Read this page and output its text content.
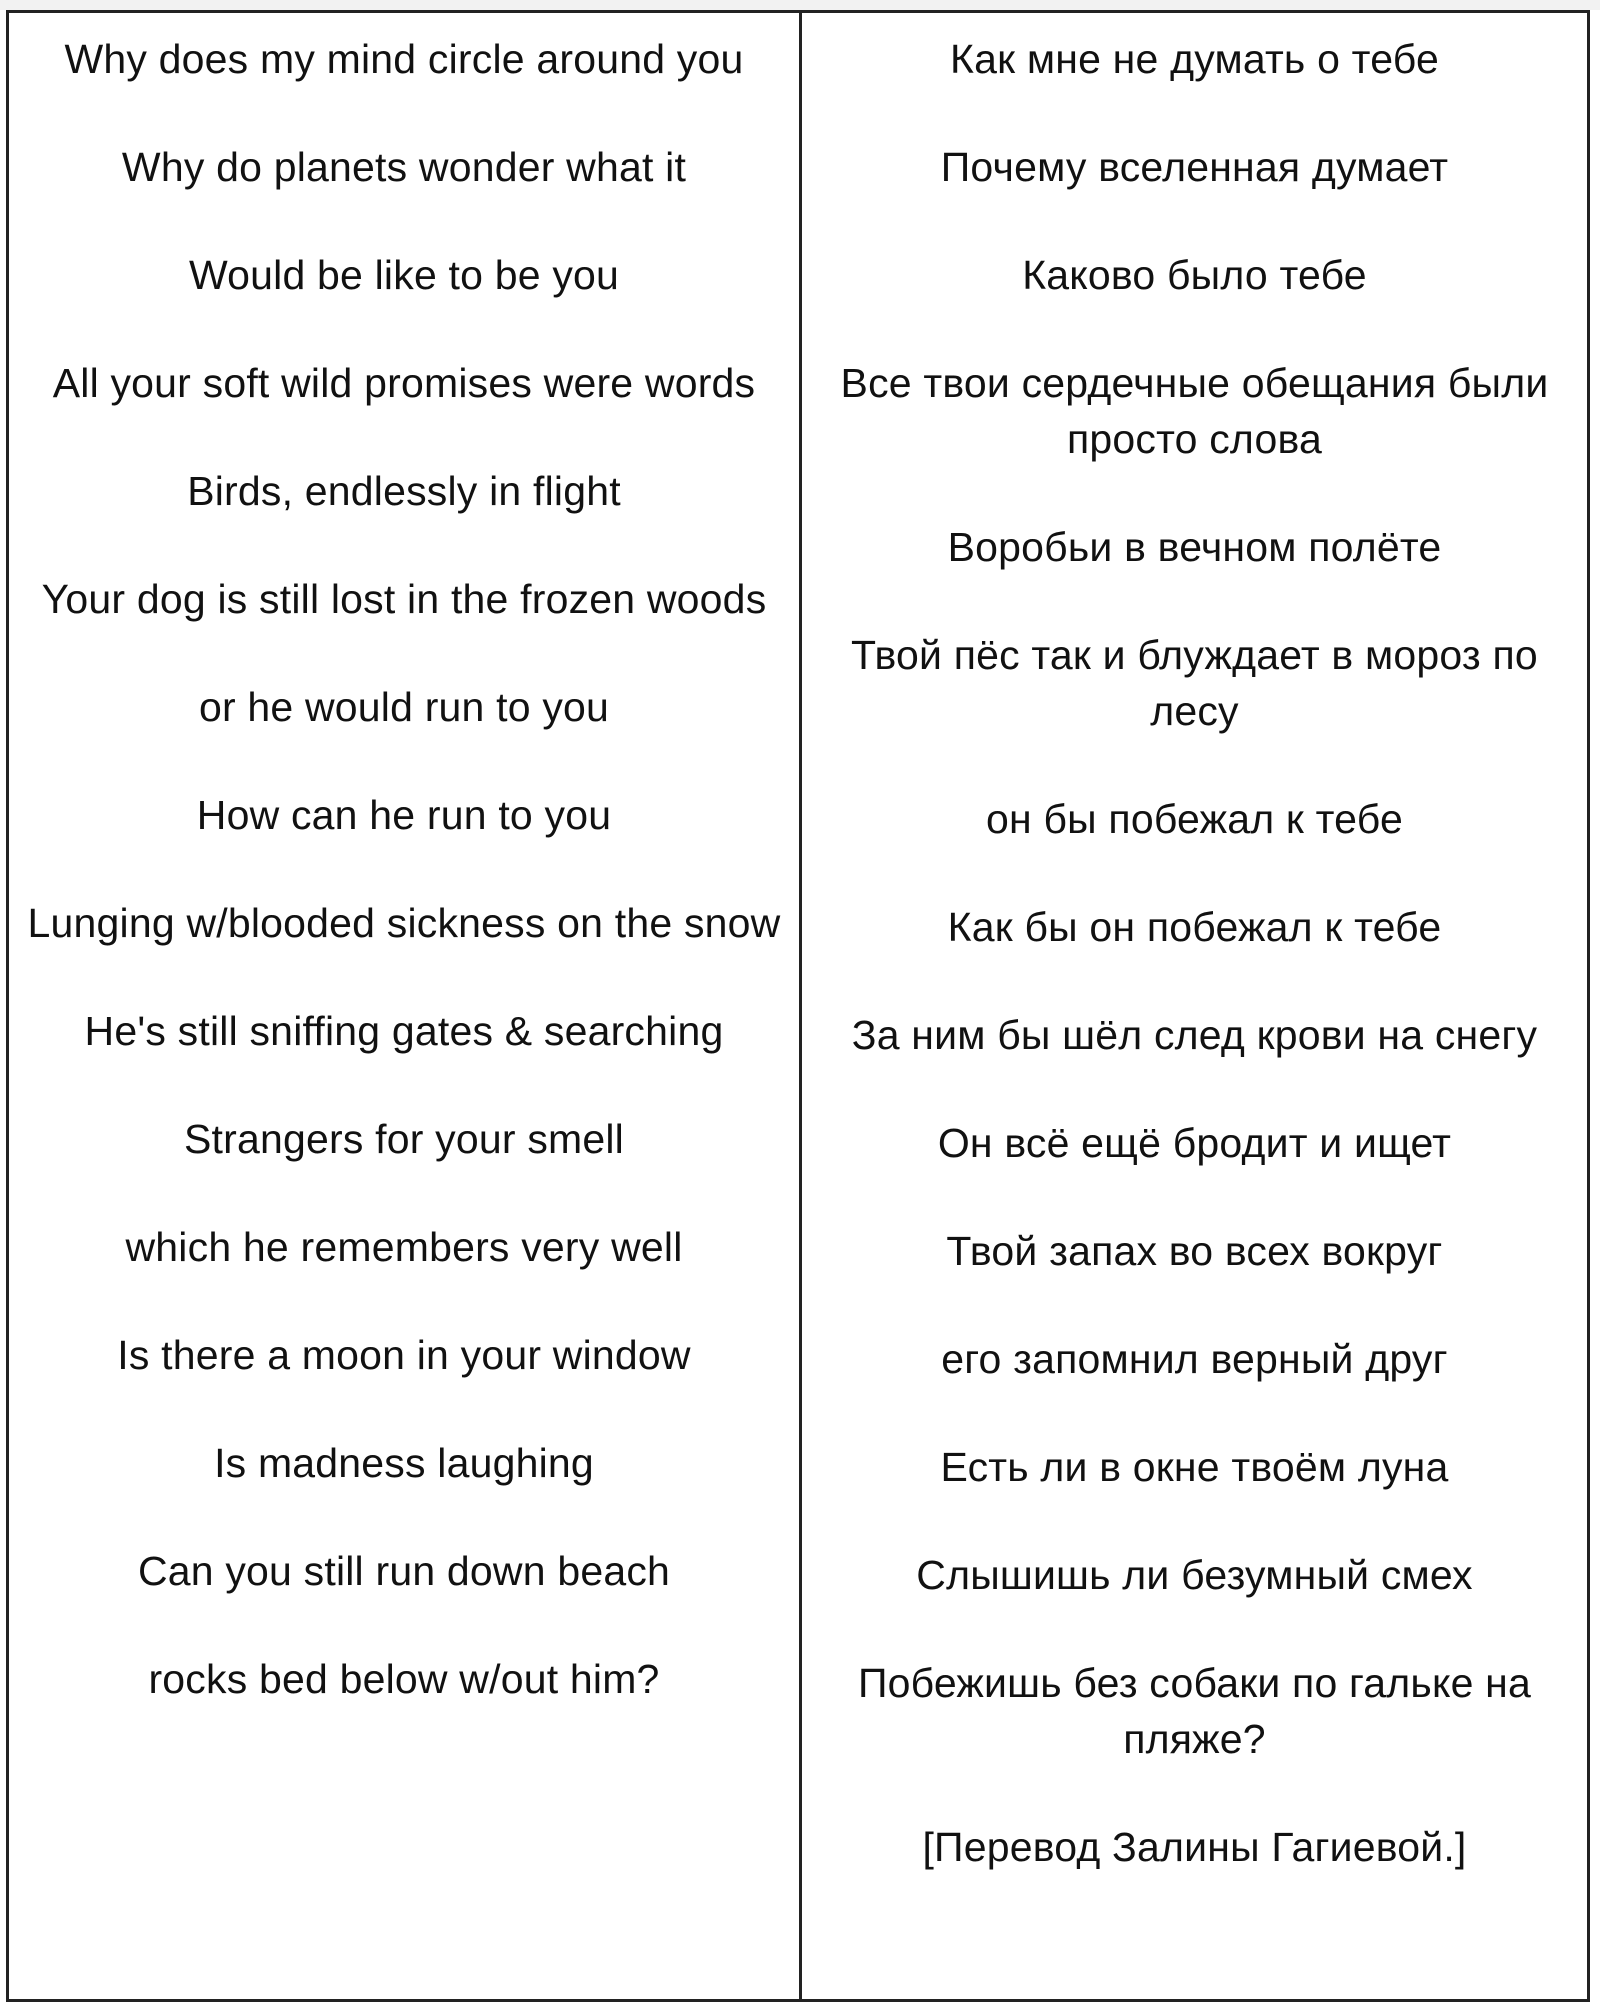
Why does my mind circle around you
Why do planets wonder what it
Would be like to be you
All your soft wild promises were words
Birds, endlessly in flight
Your dog is still lost in the frozen woods
or he would run to you
How can he run to you
Lunging w/blooded sickness on the snow
He's still sniffing gates & searching
Strangers for your smell
which he remembers very well
Is there a moon in your window
Is madness laughing
Can you still run down beach
rocks bed below w/out him?
Как мне не думать о тебе
Почему вселенная думает
Каково было тебе
Все твои сердечные обещания были просто слова
Воробьи в вечном полёте
Твой пёс так и блуждает в мороз по лесу
он бы побежал к тебе
Как бы он побежал к тебе
За ним бы шёл след крови на снегу
Он всё ещё бродит и ищет
Твой запах во всех вокруг
его запомнил верный друг
Есть ли в окне твоём луна
Слышишь ли безумный смех
Побежишь без собаки по гальке на пляже?
[Перевод Залины Гагиевой.]
